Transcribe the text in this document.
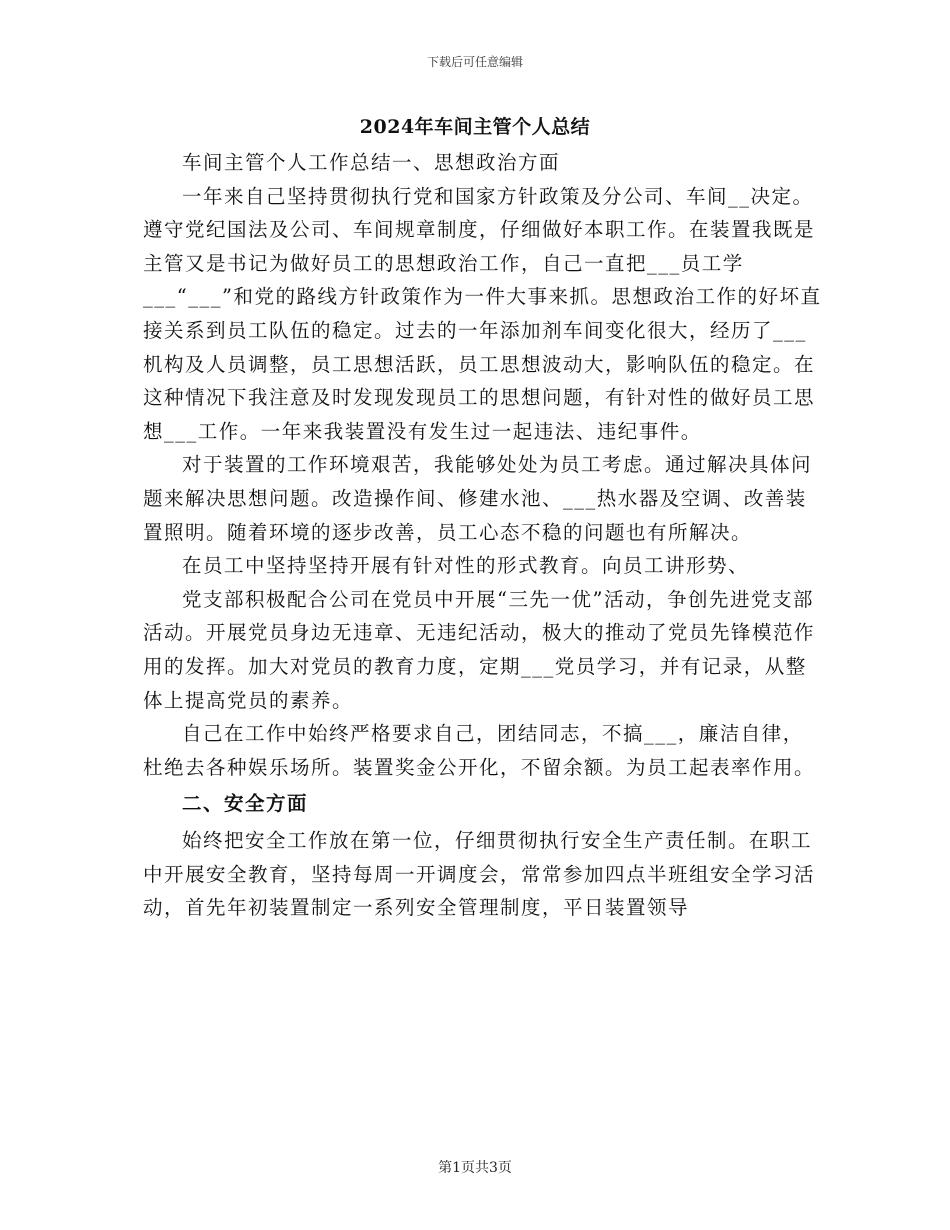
下载后可任意编辑
2024年车间主管个人总结

车间主管个人工作总结一、思想政治方面

一年来自己坚持贯彻执行党和国家方针政策及分公司、车间__决定。遵守党纪国法及公司、车间规章制度，仔细做好本职工作。在装置我既是主管又是书记为做好员工的思想政治工作，自己一直把___员工学___“___”和党的路线方针政策作为一件大事来抓。思想政治工作的好坏直接关系到员工队伍的稳定。过去的一年添加剂车间变化很大，经历了___机构及人员调整，员工思想活跃，员工思想波动大，影响队伍的稳定。在这种情况下我注意及时发现发现员工的思想问题，有针对性的做好员工思想___工作。一年来我装置没有发生过一起违法、违纪事件。

对于装置的工作环境艰苦，我能够处处为员工考虑。通过解决具体问题来解决思想问题。改造操作间、修建水池、___热水器及空调、改善装置照明。随着环境的逐步改善，员工心态不稳的问题也有所解决。

在员工中坚持坚持开展有针对性的形式教育。向员工讲形势、

党支部积极配合公司在党员中开展“三先一优”活动，争创先进党支部活动。开展党员身边无违章、无违纪活动，极大的推动了党员先锋模范作用的发挥。加大对党员的教育力度，定期___党员学习，并有记录，从整体上提高党员的素养。

自己在工作中始终严格要求自己，团结同志，不搞___，廉洁自律，杜绝去各种娱乐场所。装置奖金公开化，不留余额。为员工起表率作用。

二、安全方面

始终把安全工作放在第一位，仔细贯彻执行安全生产责任制。在职工中开展安全教育，坚持每周一开调度会，常常参加四点半班组安全学习活动，首先年初装置制定一系列安全管理制度，平日装置领导

第1页共3页
